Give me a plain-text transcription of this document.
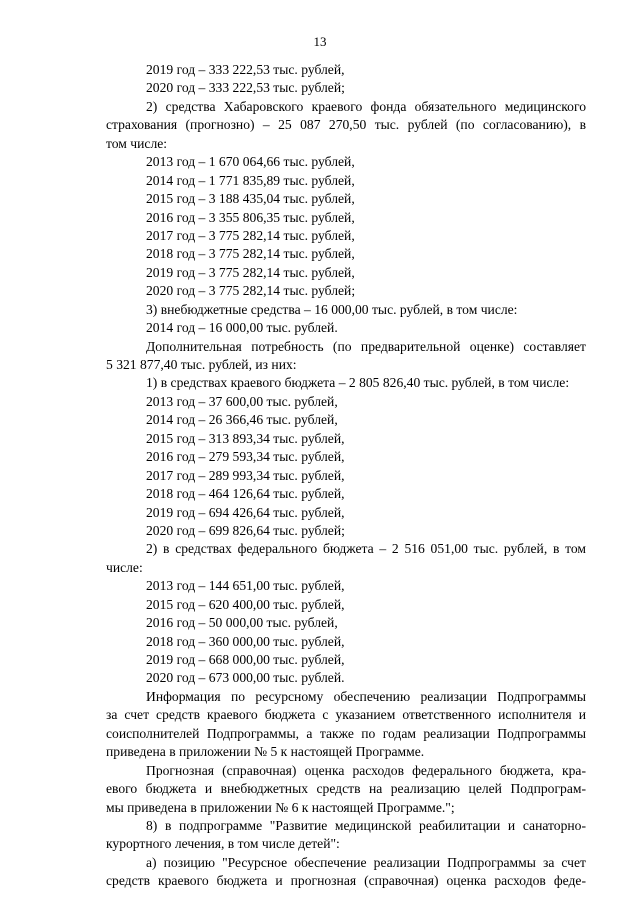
13
2019 год – 333 222,53 тыс. рублей,
2020 год – 333 222,53 тыс. рублей;
2) средства Хабаровского краевого фонда обязательного медицинского
страхования (прогнозно) – 25 087 270,50 тыс. рублей (по согласованию), в
том числе:
2013 год – 1 670 064,66 тыс. рублей,
2014 год – 1 771 835,89 тыс. рублей,
2015 год – 3 188 435,04 тыс. рублей,
2016 год – 3 355 806,35 тыс. рублей,
2017 год – 3 775 282,14 тыс. рублей,
2018 год – 3 775 282,14 тыс. рублей,
2019 год – 3 775 282,14 тыс. рублей,
2020 год – 3 775 282,14 тыс. рублей;
3) внебюджетные средства – 16 000,00 тыс. рублей, в том числе:
2014 год – 16 000,00 тыс. рублей.
Дополнительная потребность (по предварительной оценке) составляет
5 321 877,40 тыс. рублей, из них:
1) в средствах краевого бюджета – 2 805 826,40 тыс. рублей, в том числе:
2013 год – 37 600,00 тыс. рублей,
2014 год – 26 366,46 тыс. рублей,
2015 год – 313 893,34 тыс. рублей,
2016 год – 279 593,34 тыс. рублей,
2017 год – 289 993,34 тыс. рублей,
2018 год – 464 126,64 тыс. рублей,
2019 год – 694 426,64 тыс. рублей,
2020 год – 699 826,64 тыс. рублей;
2) в средствах федерального бюджета – 2 516 051,00 тыс. рублей, в том
числе:
2013 год – 144 651,00 тыс. рублей,
2015 год – 620 400,00 тыс. рублей,
2016 год – 50 000,00 тыс. рублей,
2018 год – 360 000,00 тыс. рублей,
2019 год – 668 000,00 тыс. рублей,
2020 год – 673 000,00 тыс. рублей.
Информация по ресурсному обеспечению реализации Подпрограммы
за счет средств краевого бюджета с указанием ответственного исполнителя и
соисполнителей Подпрограммы, а также по годам реализации Подпрограммы
приведена в приложении № 5 к настоящей Программе.
Прогнозная (справочная) оценка расходов федерального бюджета, кра-
евого бюджета и внебюджетных средств на реализацию целей Подпрограм-
мы приведена в приложении № 6 к настоящей Программе.";
8) в подпрограмме "Развитие медицинской реабилитации и санаторно-
курортного лечения, в том числе детей":
а) позицию "Ресурсное обеспечение реализации Подпрограммы за счет
средств краевого бюджета и прогнозная (справочная) оценка расходов феде-
